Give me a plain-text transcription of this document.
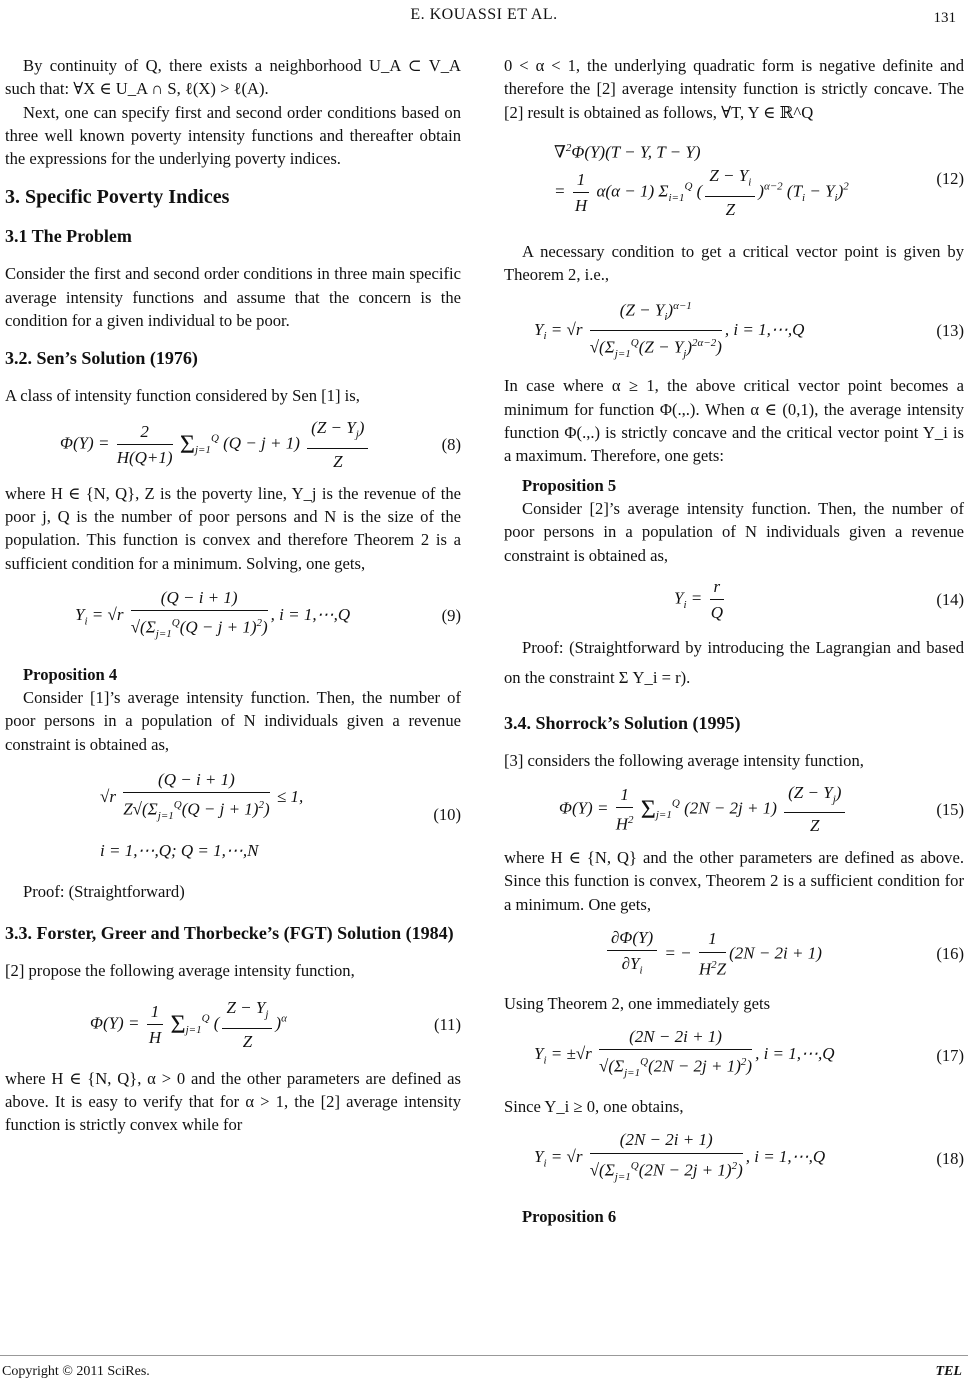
E. KOUASSI ET AL.	131

By continuity of Q, there exists a neighborhood U_A ⊂ V_A such that: ∀X ∈ U_A ∩ S, ℓ(X) > ℓ(A).

Next, one can specify first and second order conditions based on three well known poverty intensity functions and thereafter obtain the expressions for the underlying poverty indices.

3. Specific Poverty Indices
3.1 The Problem

Consider the first and second order conditions in three main specific average intensity functions and assume that the concern is the condition for a given individual to be poor.

3.2. Sen’s Solution (1976)

A class of intensity function considered by Sen [1] is,

$\Phi(Y) = \frac{2}{H(Q+1)} \Sigma_{j=1}^Q$ $(Q - j + 1) \frac{(Z - Y_j)}{Z}$	(8)

where H ∈ {N, Q}, Z is the poverty line, Y_j is the revenue of the poor j, Q is the number of poor persons and N is the size of the population. This function is convex and therefore Theorem 2 is a sufficient condition for a minimum. Solving, one gets,

$Y_i = √r \frac{(Q - i + 1)}{√(\Sigma_{j=1}^Q(Q - j + 1)^2)}$ , i = 1,⋯,Q	(9)

Proposition 4

Consider [1]’s average intensity function. Then, the number of poor persons in a population of N individuals given a revenue constraint is obtained as,

$√r \frac{(Q - i + 1)}{Z√(\Sigma_{j=1}^Q(Q - j + 1)^2)} \le 1$,
i = 1,⋯,Q; Q = 1,⋯,N
(10)

Proof: (Straightforward)

3.3. Forster, Greer and Thorbecke’s (FGT) Solution (1984)

[2] propose the following average intensity function,

$\Phi(Y) = \frac{1}{H} \Sigma_{j=1}^Q$ ( $\frac{Z - Y_j}{Z} )^\alpha$	(11)

where H ∈ {N, Q}, α > 0 and the other parameters are defined as above. It is easy to verify that for α > 1, the [2] average intensity function is strictly convex while for

0 < α < 1, the underlying quadratic form is negative definite and therefore the [2] average intensity function is strictly concave. The [2] result is obtained as follows, ∀T, Y ∈ ℝ^Q

∇$^2$Φ(Y)(T − Y, T − Y)
= $\frac{1}{H} \alpha(\alpha - 1)$ $\Sigma_{i=1}^Q$ ( $\frac{Z - Y_i}{Z} )^{\alpha-2}$ $(T_i - Y_i)^2$	(12)

A necessary condition to get a critical vector point is given by Theorem 2, i.e.,

$Y_i = √r \frac{(Z - Y_i)^{\alpha-1}}{√(\Sigma_{j=1}^Q(Z - Y_j)^{2\alpha-2})}$ , i = 1,⋯,Q	(13)

In case where α ≥ 1, the above critical vector point becomes a minimum for function Φ(.,.). When α ∈ (0,1), the average intensity function Φ(.,.) is strictly concave and the critical vector point Y_i is a maximum. Therefore, one gets:

Proposition 5

Consider [2]’s average intensity function. Then, the number of poor persons in a population of N individuals given a revenue constraint is obtained as,

$Y_i = \frac{r}{Q}$	(14)

Proof: (Straightforward by introducing the Lagrangian and based on the constraint Σ Y_i = r).

3.4. Shorrock’s Solution (1995)

[3] considers the following average intensity function,

$\Phi(Y) = \frac{1}{H^2} \Sigma_{j=1}^Q$ $(2N - 2j + 1) \frac{(Z - Y_j)}{Z}$	(15)

where H ∈ {N, Q} and the other parameters are defined as above. Since this function is convex, Theorem 2 is a sufficient condition for a minimum. One gets,

$\frac{\partial\Phi(Y)}{\partial Y_i}$ = − $\frac{1}{H^2Z} (2N - 2i + 1)$	(16)

Using Theorem 2, one immediately gets

$Y_i = \pm√r \frac{(2N - 2i + 1)}{√(\Sigma_{j=1}^Q(2N - 2j + 1)^2)}$ , i = 1,⋯,Q	(17)

Since Y_i ≥ 0, one obtains,

$Y_i = √r \frac{(2N - 2i + 1)}{√(\Sigma_{j=1}^Q(2N - 2j + 1)^2)}$ , i = 1,⋯,Q	(18)

Proposition 6

Copyright © 2011 SciRes.	TEL
